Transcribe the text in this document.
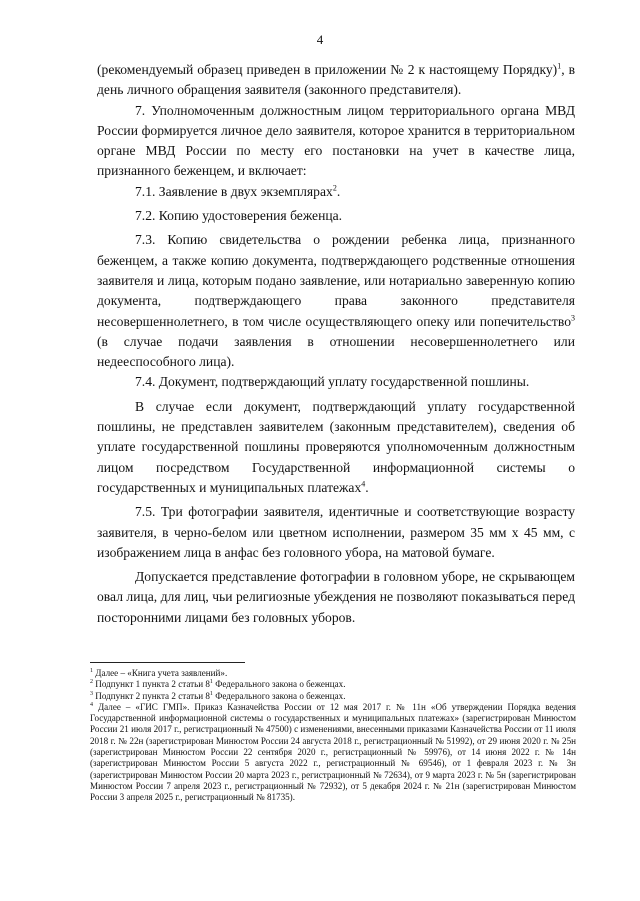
4

(рекомендуемый образец приведен в приложении № 2 к настоящему Порядку)$^1$, в день личного обращения заявителя (законного представителя).

7. Уполномоченным должностным лицом территориального органа МВД России формируется личное дело заявителя, которое хранится в территориальном органе МВД России по месту его постановки на учет в качестве лица, признанного беженцем, и включает:

7.1. Заявление в двух экземплярах$^2$.

7.2. Копию удостоверения беженца.

7.3. Копию свидетельства о рождении ребенка лица, признанного беженцем, а также копию документа, подтверждающего родственные отношения заявителя и лица, которым подано заявление, или нотариально заверенную копию документа, подтверждающего права законного представителя несовершеннолетнего, в том числе осуществляющего опеку или попечительство$^3$ (в случае подачи заявления в отношении несовершеннолетнего или недееспособного лица).

7.4. Документ, подтверждающий уплату государственной пошлины.

В случае если документ, подтверждающий уплату государственной пошлины, не представлен заявителем (законным представителем), сведения об уплате государственной пошлины проверяются уполномоченным должностным лицом посредством Государственной информационной системы о государственных и муниципальных платежах$^4$.

7.5. Три фотографии заявителя, идентичные и соответствующие возрасту заявителя, в черно-белом или цветном исполнении, размером 35 мм х 45 мм, с изображением лица в анфас без головного убора, на матовой бумаге.

Допускается представление фотографии в головном уборе, не скрывающем овал лица, для лиц, чьи религиозные убеждения не позволяют показываться перед посторонними лицами без головных уборов.

$^1$ Далее – «Книга учета заявлений».

$^2$ Подпункт 1 пункта 2 статьи $8^1$ Федерального закона о беженцах.

$^3$ Подпункт 2 пункта 2 статьи $8^1$ Федерального закона о беженцах.

$^4$ Далее – «ГИС ГМП». Приказ Казначейства России от 12 мая 2017 г. № 11н «Об утверждении Порядка ведения Государственной информационной системы о государственных и муниципальных платежах» (зарегистрирован Минюстом России 21 июля 2017 г., регистрационный № 47500) с изменениями, внесенными приказами Казначейства России от 11 июля 2018 г. № 22н (зарегистрирован Минюстом России 24 августа 2018 г., регистрационный № 51992), от 29 июня 2020 г. № 25н (зарегистрирован Минюстом России 22 сентября 2020 г., регистрационный № 59976), от 14 июня 2022 г. № 14н (зарегистрирован Минюстом России 5 августа 2022 г., регистрационный № 69546), от 1 февраля 2023 г. № 3н (зарегистрирован Минюстом России 20 марта 2023 г., регистрационный № 72634), от 9 марта 2023 г. № 5н (зарегистрирован Минюстом России 7 апреля 2023 г., регистрационный № 72932), от 5 декабря 2024 г. № 21н (зарегистрирован Минюстом России 3 апреля 2025 г., регистрационный № 81735).
